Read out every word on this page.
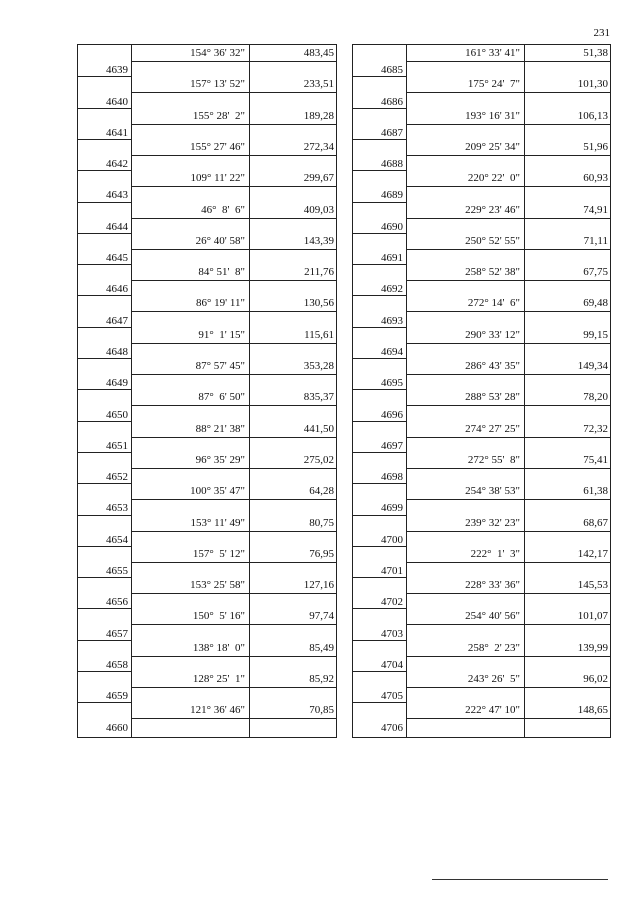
231
4639
154° 36' 32"	483,45
4640
157° 13' 52"	233,51
4641
155° 28'  2"	189,28
4642
155° 27' 46"	272,34
4643
109° 11' 22"	299,67
4644
46°  8'  6"	409,03
4645
26° 40' 58"	143,39
4646
84° 51'  8"	211,76
4647
86° 19' 11"	130,56
4648
91°  1' 15"	115,61
4649
87° 57' 45"	353,28
4650
87°  6' 50"	835,37
4651
88° 21' 38"	441,50
4652
96° 35' 29"	275,02
4653
100° 35' 47"	64,28
4654
153° 11' 49"	80,75
4655
157°  5' 12"	76,95
4656
153° 25' 58"	127,16
4657
150°  5' 16"	97,74
4658
138° 18'  0"	85,49
4659
128° 25'  1"	85,92
4660
121° 36' 46"	70,85
4685
161° 33' 41"	51,38
4686
175° 24'  7"	101,30
4687
193° 16' 31"	106,13
4688
209° 25' 34"	51,96
4689
220° 22'  0"	60,93
4690
229° 23' 46"	74,91
4691
250° 52' 55"	71,11
4692
258° 52' 38"	67,75
4693
272° 14'  6"	69,48
4694
290° 33' 12"	99,15
4695
286° 43' 35"	149,34
4696
288° 53' 28"	78,20
4697
274° 27' 25"	72,32
4698
272° 55'  8"	75,41
4699
254° 38' 53"	61,38
4700
239° 32' 23"	68,67
4701
222°  1'  3"	142,17
4702
228° 33' 36"	145,53
4703
254° 40' 56"	101,07
4704
258°  2' 23"	139,99
4705
243° 26'  5"	96,02
4706
222° 47' 10"	148,65
